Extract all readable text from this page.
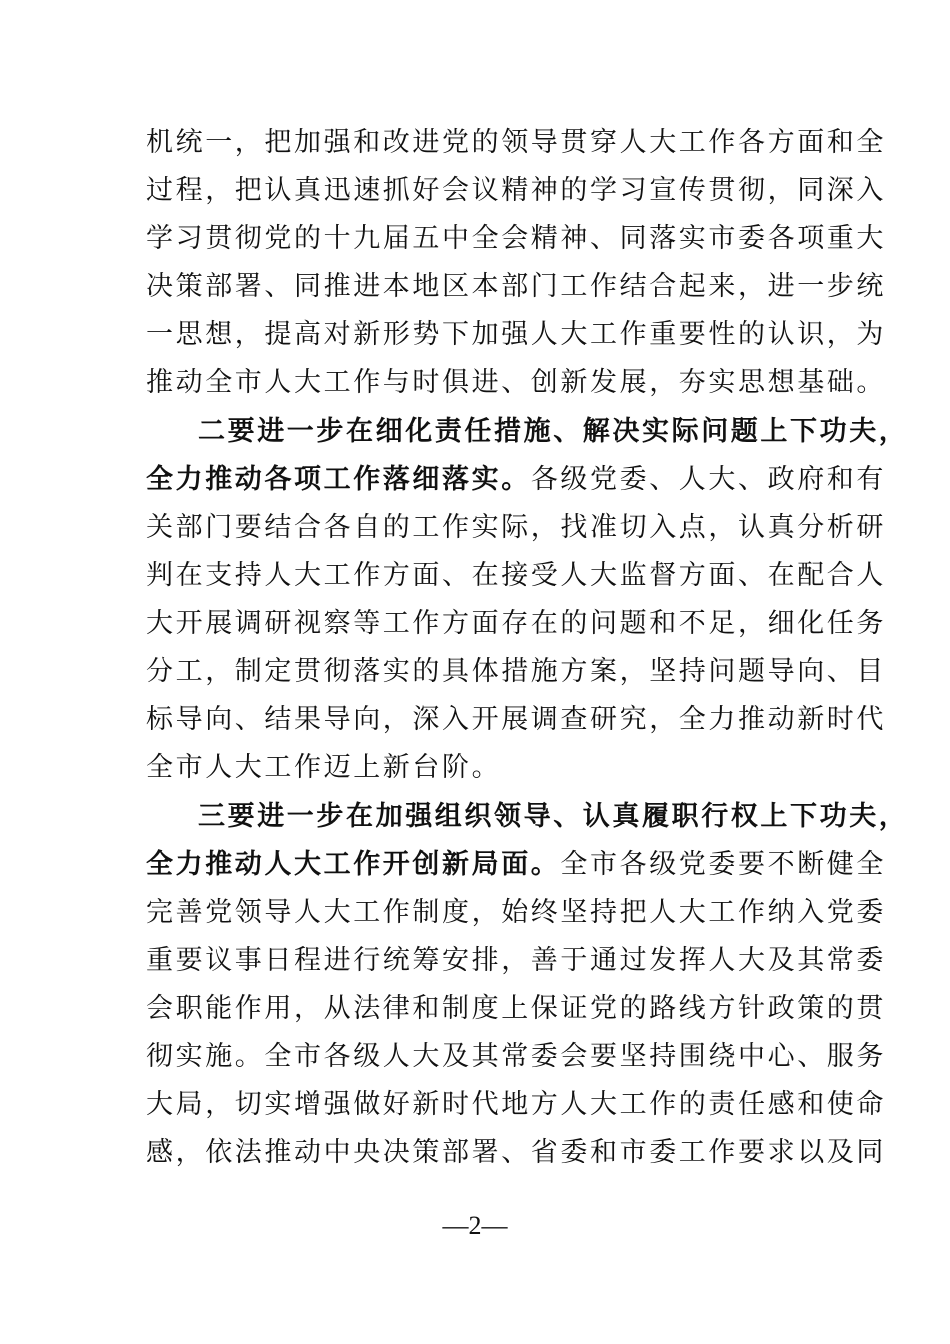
机统一，把加强和改进党的领导贯穿人大工作各方面和全
过程，把认真迅速抓好会议精神的学习宣传贯彻，同深入
学习贯彻党的十九届五中全会精神、同落实市委各项重大
决策部署、同推进本地区本部门工作结合起来，进一步统
一思想，提高对新形势下加强人大工作重要性的认识，为
推动全市人大工作与时俱进、创新发展，夯实思想基础。
二要进一步在细化责任措施、解决实际问题上下功夫，
全力推动各项工作落细落实。各级党委、人大、政府和有
关部门要结合各自的工作实际，找准切入点，认真分析研
判在支持人大工作方面、在接受人大监督方面、在配合人
大开展调研视察等工作方面存在的问题和不足，细化任务
分工，制定贯彻落实的具体措施方案，坚持问题导向、目
标导向、结果导向，深入开展调查研究，全力推动新时代
全市人大工作迈上新台阶。
三要进一步在加强组织领导、认真履职行权上下功夫，
全力推动人大工作开创新局面。全市各级党委要不断健全
完善党领导人大工作制度，始终坚持把人大工作纳入党委
重要议事日程进行统筹安排，善于通过发挥人大及其常委
会职能作用，从法律和制度上保证党的路线方针政策的贯
彻实施。全市各级人大及其常委会要坚持围绕中心、服务
大局，切实增强做好新时代地方人大工作的责任感和使命
感，依法推动中央决策部署、省委和市委工作要求以及同
—2—
